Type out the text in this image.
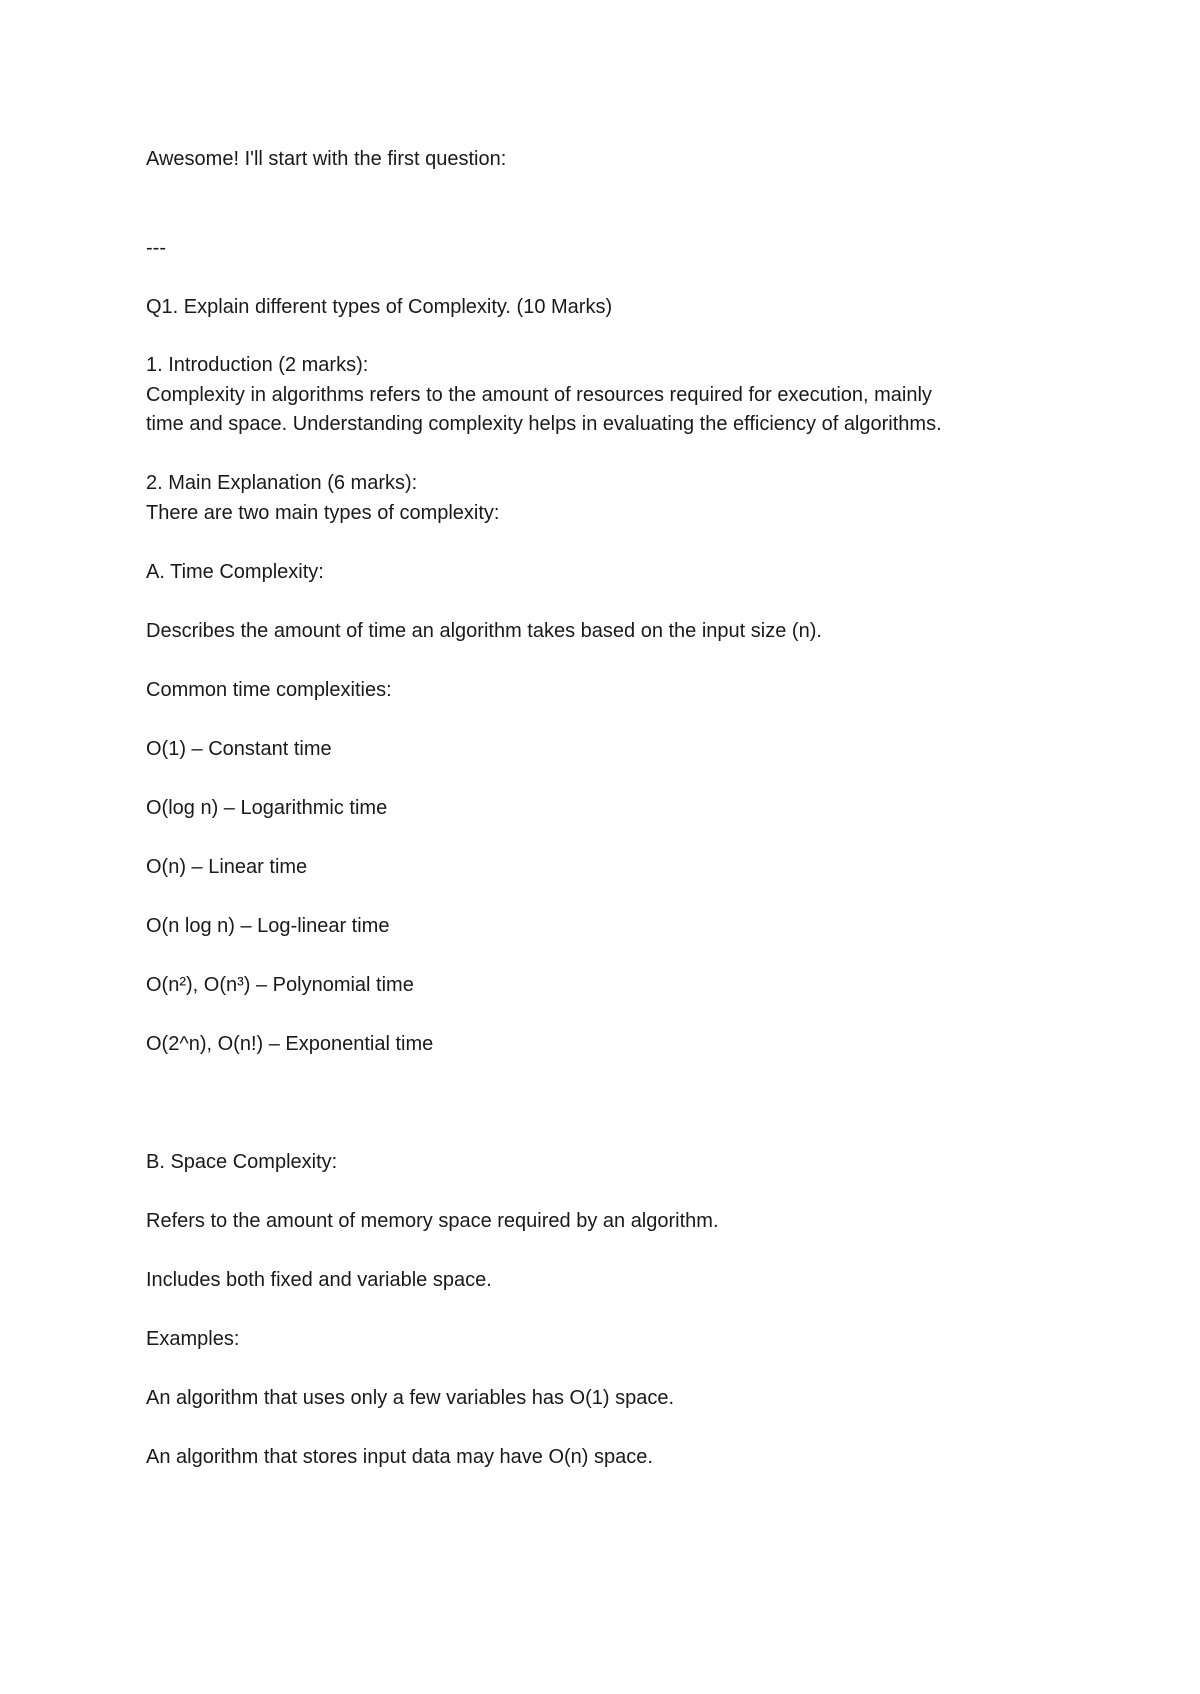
Awesome! I'll start with the first question:
---
Q1. Explain different types of Complexity. (10 Marks)
1. Introduction (2 marks):
Complexity in algorithms refers to the amount of resources required for execution, mainly
time and space. Understanding complexity helps in evaluating the efficiency of algorithms.
2. Main Explanation (6 marks):
There are two main types of complexity:
A. Time Complexity:
Describes the amount of time an algorithm takes based on the input size (n).
Common time complexities:
O(1) – Constant time
O(log n) – Logarithmic time
O(n) – Linear time
O(n log n) – Log-linear time
O(n²), O(n³) – Polynomial time
O(2^n), O(n!) – Exponential time
B. Space Complexity:
Refers to the amount of memory space required by an algorithm.
Includes both fixed and variable space.
Examples:
An algorithm that uses only a few variables has O(1) space.
An algorithm that stores input data may have O(n) space.
